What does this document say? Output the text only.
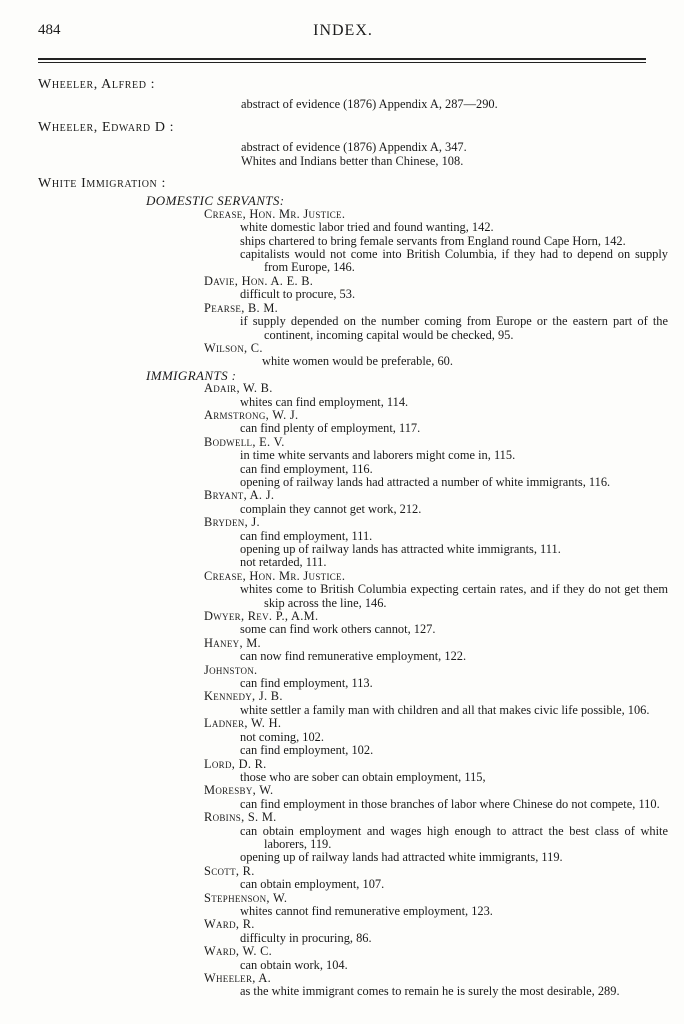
484	INDEX.
Wheeler, Alfred :
abstract of evidence (1876) Appendix A, 287—290.
Wheeler, Edward D :
abstract of evidence (1876) Appendix A, 347.
Whites and Indians better than Chinese, 108.
White Immigration :
DOMESTIC SERVANTS:
Crease, Hon. Mr. Justice.
white domestic labor tried and found wanting, 142.
ships chartered to bring female servants from England round Cape Horn, 142.
capitalists would not come into British Columbia, if they had to depend on supply from Europe, 146.
Davie, Hon. A. E. B.
difficult to procure, 53.
Pearse, B. M.
if supply depended on the number coming from Europe or the eastern part of the continent, incoming capital would be checked, 95.
Wilson, C.
white women would be preferable, 60.
IMMIGRANTS :
Adair, W. B.
whites can find employment, 114.
Armstrong, W. J.
can find plenty of employment, 117.
Bodwell, E. V.
in time white servants and laborers might come in, 115.
can find employment, 116.
opening of railway lands had attracted a number of white immigrants, 116.
Bryant, A. J.
complain they cannot get work, 212.
Bryden, J.
can find employment, 111.
opening up of railway lands has attracted white immigrants, 111.
not retarded, 111.
Crease, Hon. Mr. Justice.
whites come to British Columbia expecting certain rates, and if they do not get them skip across the line, 146.
Dwyer, Rev. P., A.M.
some can find work others cannot, 127.
Haney, M.
can now find remunerative employment, 122.
Johnston.
can find employment, 113.
Kennedy, J. B.
white settler a family man with children and all that makes civic life possible, 106.
Ladner, W. H.
not coming, 102.
can find employment, 102.
Lord, D. R.
those who are sober can obtain employment, 115,
Moresby, W.
can find employment in those branches of labor where Chinese do not compete, 110.
Robins, S. M.
can obtain employment and wages high enough to attract the best class of white laborers, 119.
opening up of railway lands had attracted white immigrants, 119.
Scott, R.
can obtain employment, 107.
Stephenson, W.
whites cannot find remunerative employment, 123.
Ward, R.
difficulty in procuring, 86.
Ward, W. C.
can obtain work, 104.
Wheeler, A.
as the white immigrant comes to remain he is surely the most desirable, 289.
